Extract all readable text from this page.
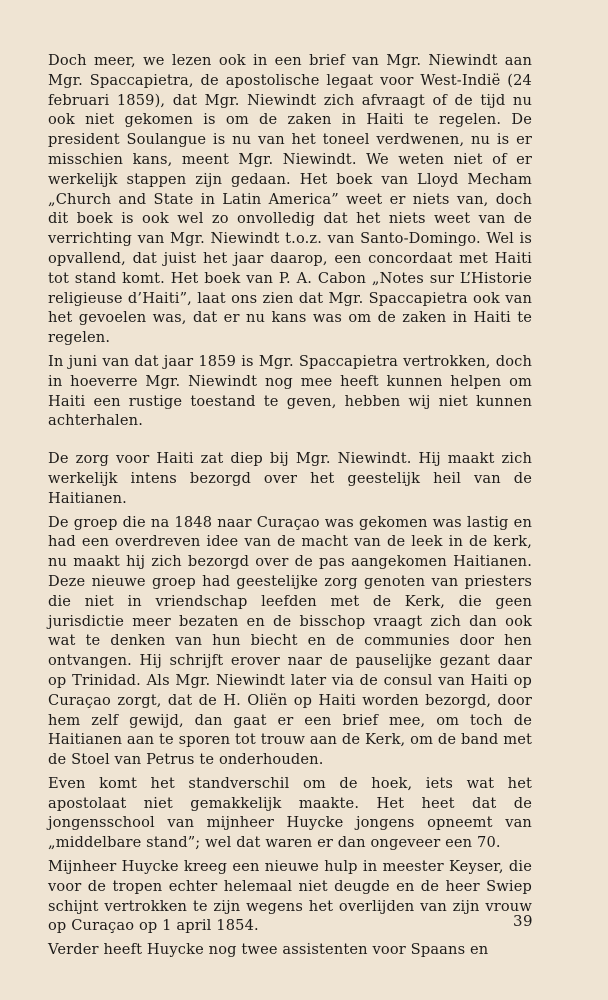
Doch meer, we lezen ook in een brief van Mgr. Niewindt aan Mgr. Spaccapietra, de apostolische legaat voor West-Indië (24 februari 1859), dat Mgr. Niewindt zich afvraagt of de tijd nu ook niet gekomen is om de zaken in Haiti te regelen. De president Soulangue is nu van het toneel verdwenen, nu is er misschien kans, meent Mgr. Niewindt. We weten niet of er werkelijk stappen zijn gedaan. Het boek van Lloyd Mecham „Church and State in Latin America” weet er niets van, doch dit boek is ook wel zo onvolledig dat het niets weet van de verrichting van Mgr. Niewindt t.o.z. van Santo-Domingo. Wel is opvallend, dat juist het jaar daarop, een concordaat met Haiti tot stand komt. Het boek van P. A. Cabon „Notes sur L’Historie religieuse d’Haiti”, laat ons zien dat Mgr. Spaccapietra ook van het gevoelen was, dat er nu kans was om de zaken in Haiti te regelen.

In juni van dat jaar 1859 is Mgr. Spaccapietra vertrokken, doch in hoeverre Mgr. Niewindt nog mee heeft kunnen helpen om Haiti een rustige toestand te geven, hebben wij niet kunnen achterhalen.

De zorg voor Haiti zat diep bij Mgr. Niewindt. Hij maakt zich werkelijk intens bezorgd over het geestelijk heil van de Haitianen.

De groep die na 1848 naar Curaçao was gekomen was lastig en had een overdreven idee van de macht van de leek in de kerk, nu maakt hij zich bezorgd over de pas aangekomen Haitianen. Deze nieuwe groep had geestelijke zorg genoten van priesters die niet in vriendschap leefden met de Kerk, die geen jurisdictie meer bezaten en de bisschop vraagt zich dan ook wat te denken van hun biecht en de communies door hen ontvangen. Hij schrijft erover naar de pauselijke gezant daar op Trinidad. Als Mgr. Niewindt later via de consul van Haiti op Curaçao zorgt, dat de H. Oliën op Haiti worden bezorgd, door hem zelf gewijd, dan gaat er een brief mee, om toch de Haitianen aan te sporen tot trouw aan de Kerk, om de band met de Stoel van Petrus te onderhouden.

Even komt het standverschil om de hoek, iets wat het apostolaat niet gemakkelijk maakte. Het heet dat de jongensschool van mijnheer Huycke jongens opneemt van „middelbare stand”; wel dat waren er dan ongeveer een 70.

Mijnheer Huycke kreeg een nieuwe hulp in meester Keyser, die voor de tropen echter helemaal niet deugde en de heer Swiep schijnt vertrokken te zijn wegens het overlijden van zijn vrouw op Curaçao op 1 april 1854.

Verder heeft Huycke nog twee assistenten voor Spaans en

39
